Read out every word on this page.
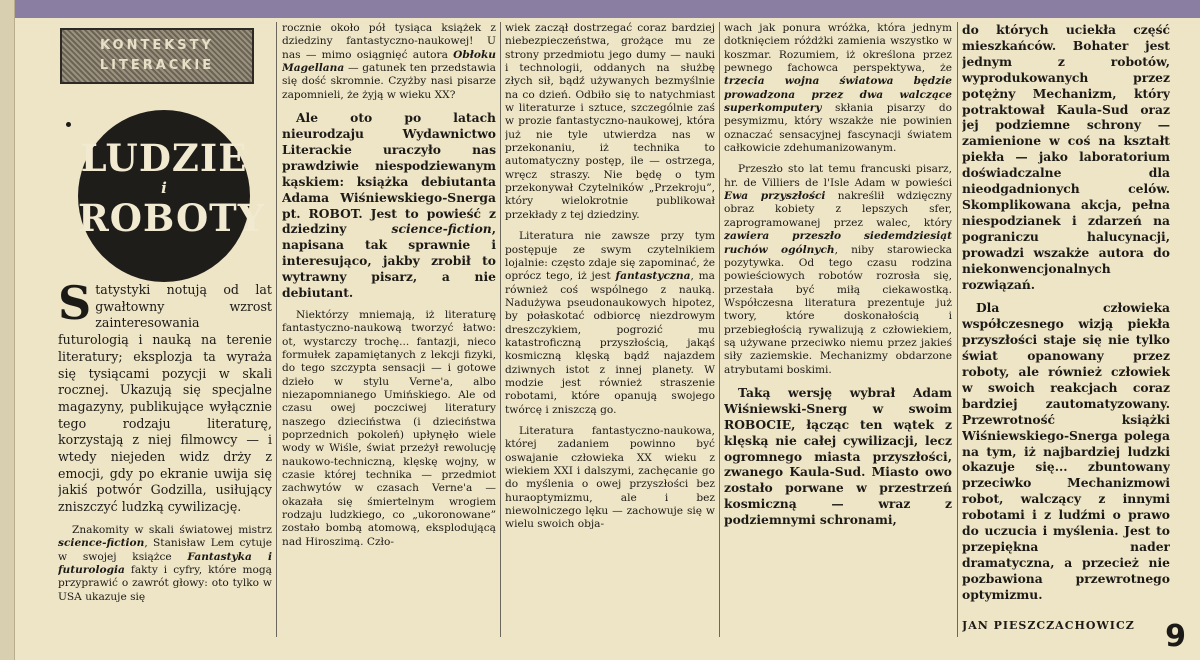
KONTEKSTY
LITERACKIE
LUDZIE
i
ROBOTY

Statystyki notują od lat gwałtowny wzrost zainteresowania futurologią i nauką na terenie literatury; eksplozja ta wyraża się tysiącami pozycji w skali rocznej. Ukazują się specjalne magazyny, publikujące wyłącznie tego rodzaju literaturę, korzystają z niej filmowcy — i wtedy niejeden widz drży z emocji, gdy po ekranie uwija się jakiś potwór Godzilla, usiłujący zniszczyć ludzką cywilizację.

Znakomity w skali światowej mistrz science-fiction, Stanisław Lem cytuje w swojej książce Fantastyka i futurologia fakty i cyfry, które mogą przyprawić o zawrót głowy: oto tylko w USA ukazuje się

rocznie około pół tysiąca książek z dziedziny fantastyczno-naukowej! U nas — mimo osiągnięć autora Obłoku Magellana — gatunek ten przedstawia się dość skromnie. Czyżby nasi pisarze zapomnieli, że żyją w wieku XX?

Ale oto po latach nieurodzaju Wydawnictwo Literackie uraczyło nas prawdziwie niespodziewanym kąskiem: książka debiutanta Adama Wiśniewskiego-Snerga pt. ROBOT. Jest to powieść z dziedziny science-fiction, napisana tak sprawnie i interesująco, jakby zrobił to wytrawny pisarz, a nie debiutant.

Niektórzy mniemają, iż literaturę fantastyczno-naukową tworzyć łatwo: ot, wystarczy trochę... fantazji, nieco formułek zapamiętanych z lekcji fizyki, do tego szczypta sensacji — i gotowe dzieło w stylu Verne'a, albo niezapomnianego Umińskiego. Ale od czasu owej poczciwej literatury naszego dzieciństwa (i dzieciństwa poprzednich pokoleń) upłynęło wiele wody w Wiśle, świat przeżył rewolucję naukowo-techniczną, klęskę wojny, w czasie której technika — przedmiot zachwytów w czasach Verne'a — okazała się śmiertelnym wrogiem rodzaju ludzkiego, co „ukoronowane” zostało bombą atomową, eksplodującą nad Hiroszimą. Czło-

wiek zaczął dostrzegać coraz bardziej niebezpieczeństwa, grożące mu ze strony przedmiotu jego dumy — nauki i technologii, oddanych na służbę złych sił, bądź używanych bezmyślnie na co dzień. Odbiło się to natychmiast w literaturze i sztuce, szczególnie zaś w prozie fantastyczno-naukowej, która już nie tyle utwierdza nas w przekonaniu, iż technika to automatyczny postęp, ile — ostrzega, wręcz straszy. Nie będę o tym przekonywał Czytelników „Przekroju”, który wielokrotnie publikował przekłady z tej dziedziny.

Literatura nie zawsze przy tym postępuje ze swym czytelnikiem lojalnie: często zdaje się zapominać, że oprócz tego, iż jest fantastyczna, ma również coś wspólnego z nauką. Nadużywa pseudonaukowych hipotez, by połaskotać odbiorcę niezdrowym dreszczykiem, pogrozić mu katastroficzną przyszłością, jakąś kosmiczną klęską bądź najazdem dziwnych istot z innej planety. W modzie jest również straszenie robotami, które opanują swojego twórcę i zniszczą go.

Literatura fantastyczno-naukowa, której zadaniem powinno być oswajanie człowieka XX wieku z wiekiem XXI i dalszymi, zachęcanie go do myślenia o owej przyszłości bez huraoptymizmu, ale i bez niewolniczego lęku — zachowuje się w wielu swoich obja-

wach jak ponura wróżka, która jednym dotknięciem różdżki zamienia wszystko w koszmar. Rozumiem, iż określona przez pewnego fachowca perspektywa, że trzecia wojna światowa będzie prowadzona przez dwa walczące superkomputery skłania pisarzy do pesymizmu, który wszakże nie powinien oznaczać sensacyjnej fascynacji światem całkowicie zdehumanizowanym.

Przeszło sto lat temu francuski pisarz, hr. de Villiers de l'Isle Adam w powieści Ewa przyszłości nakreślił wdzięczny obraz kobiety z lepszych sfer, zaprogramowanej przez walec, który zawiera przeszło siedemdziesiąt ruchów ogólnych, niby starowiecka pozytywka. Od tego czasu rodzina powieściowych robotów rozrosła się, przestała być miłą ciekawostką. Współczesna literatura prezentuje już twory, które doskonałością i przebiegłością rywalizują z człowiekiem, są używane przeciwko niemu przez jakieś siły zaziemskie. Mechanizmy obdarzone atrybutami boskimi.

Taką wersję wybrał Adam Wiśniewski-Snerg w swoim ROBOCIE, łącząc ten wątek z klęską nie całej cywilizacji, lecz ogromnego miasta przyszłości, zwanego Kaula-Sud. Miasto owo zostało porwane w przestrzeń kosmiczną — wraz z podziemnymi schronami,

do których uciekła część mieszkańców. Bohater jest jednym z robotów, wyprodukowanych przez potężny Mechanizm, który potraktował Kaula-Sud oraz jej podziemne schrony — zamienione w coś na kształt piekła — jako laboratorium doświadczalne dla nieodgadnionych celów. Skomplikowana akcja, pełna niespodzianek i zdarzeń na pograniczu halucynacji, prowadzi wszakże autora do niekonwencjonalnych rozwiązań.

Dla człowieka współczesnego wizją piekła przyszłości staje się nie tylko świat opanowany przez roboty, ale również człowiek w swoich reakcjach coraz bardziej zautomatyzowany. Przewrotność książki Wiśniewskiego-Snerga polega na tym, iż najbardziej ludzki okazuje się... zbuntowany przeciwko Mechanizmowi robot, walczący z innymi robotami i z ludźmi o prawo do uczucia i myślenia. Jest to przepiękna nader dramatyczna, a przecież nie pozbawiona przewrotnego optymizmu.

JAN PIESZCZACHOWICZ	9
